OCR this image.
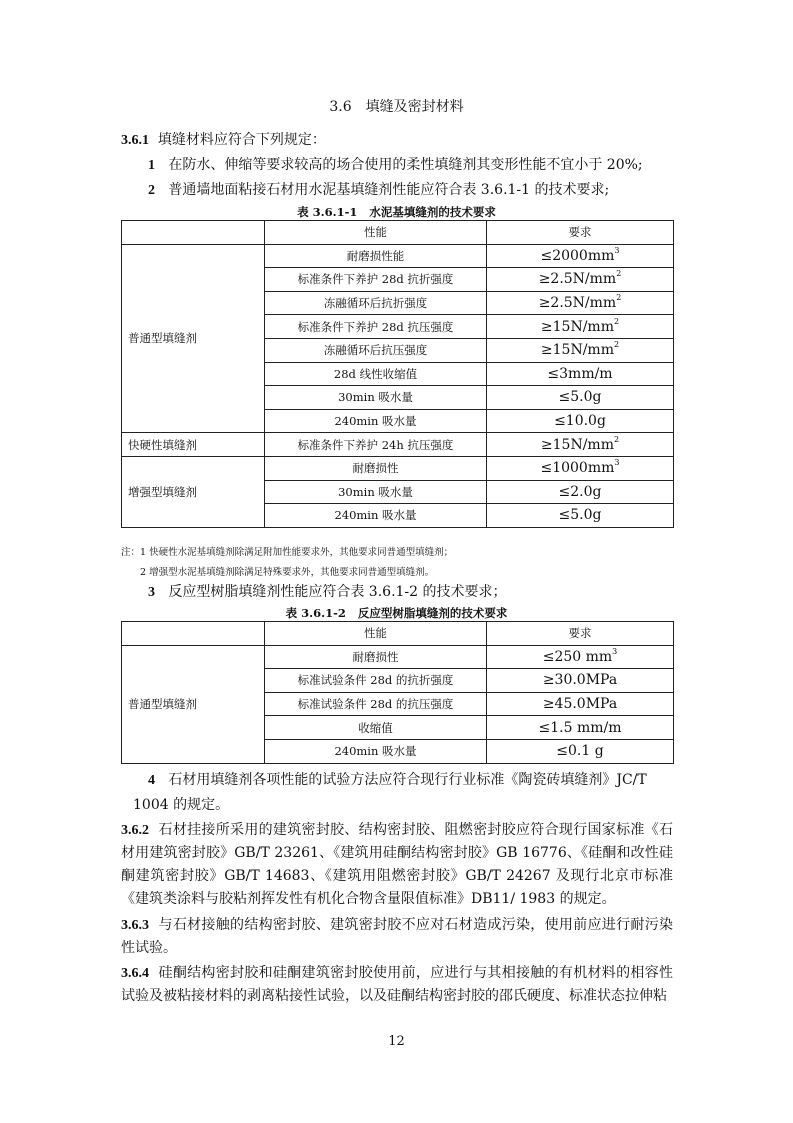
3.6 填缝及密封材料
3.6.1 填缝材料应符合下列规定：
1 在防水、伸缩等要求较高的场合使用的柔性填缝剂其变形性能不宜小于 20%;
2 普通墙地面粘接石材用水泥基填缝剂性能应符合表 3.6.1-1 的技术要求;
表 3.6.1-1 水泥基填缝剂的技术要求
	性能	要求
普通型填缝剂	耐磨损性能	$\le 2000mm^3$
	标准条件下养护 28d 抗折强度	$\ge 2.5N/mm^2$
	冻融循环后抗折强度	$\ge 2.5N/mm^2$
	标准条件下养护 28d 抗压强度	$\ge 15N/mm^2$
	冻融循环后抗压强度	$\ge 15N/mm^2$
	28d 线性收缩值	≤3mm/m
	30min 吸水量	≤5.0g
	240min 吸水量	≤10.0g
快硬性填缝剂	标准条件下养护 24h 抗压强度	$\ge 15N/mm^2$
增强型填缝剂	耐磨损性	$\le 1000mm^3$
	30min 吸水量	≤2.0g
	240min 吸水量	≤5.0g
注：1 快硬性水泥基填缝剂除满足附加性能要求外，其他要求同普通型填缝剂；
2 增强型水泥基填缝剂除满足特殊要求外，其他要求同普通型填缝剂。
3 反应型树脂填缝剂性能应符合表 3.6.1-2 的技术要求；
表 3.6.1-2 反应型树脂填缝剂的技术要求
	性能	要求
普通型填缝剂	耐磨损性	≤250 $mm^3$
	标准试验条件 28d 的抗折强度	≥30.0MPa
	标准试验条件 28d 的抗压强度	≥45.0MPa
	收缩值	≤1.5 mm/m
	240min 吸水量	≤0.1 g
4 石材用填缝剂各项性能的试验方法应符合现行行业标准《陶瓷砖填缝剂》JC/T
1004 的规定。

3.6.2 石材挂接所采用的建筑密封胶、结构密封胶、阻燃密封胶应符合现行国家标准《石材用建筑密封胶》GB/T 23261、《建筑用硅酮结构密封胶》GB 16776、《硅酮和改性硅酮建筑密封胶》GB/T 14683、《建筑用阻燃密封胶》GB/T 24267 及现行北京市标准《建筑类涂料与胶粘剂挥发性有机化合物含量限值标准》DB11/ 1983 的规定。

3.6.3 与石材接触的结构密封胶、建筑密封胶不应对石材造成污染，使用前应进行耐污染性试验。

3.6.4 硅酮结构密封胶和硅酮建筑密封胶使用前，应进行与其相接触的有机材料的相容性试验及被粘接材料的剥离粘接性试验，以及硅酮结构密封胶的邵氏硬度、标准状态拉伸粘

12
